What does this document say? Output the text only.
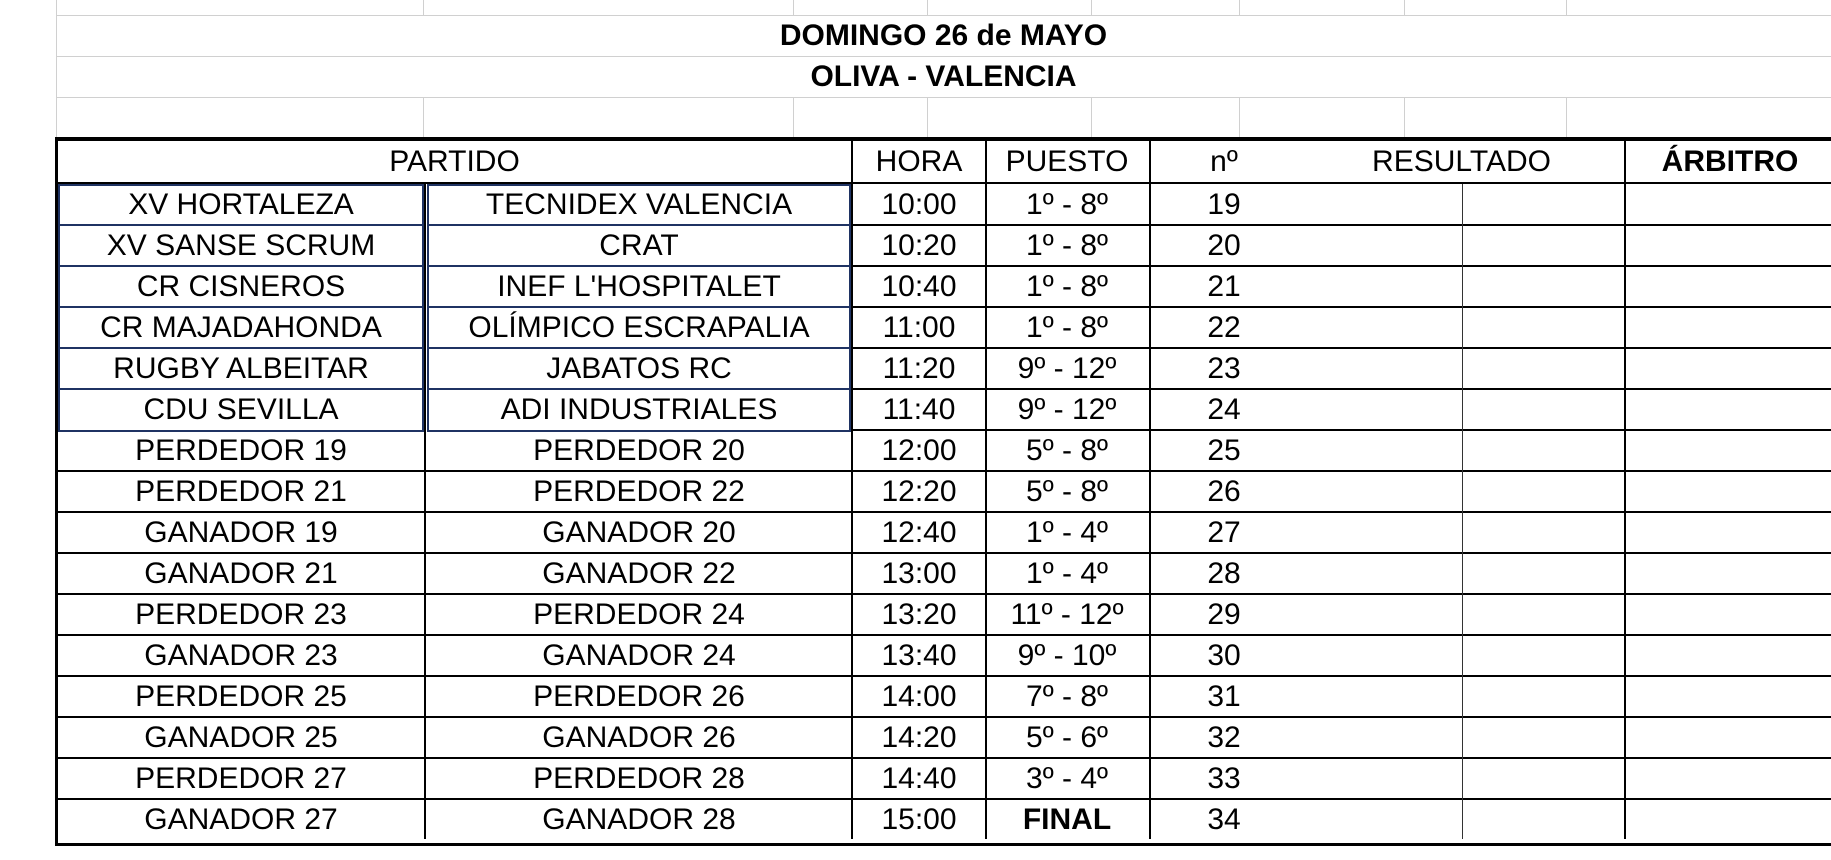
DOMINGO 26 de MAYO
OLIVA - VALENCIA
PARTIDO	HORA	PUESTO	nº	RESULTADO	ÁRBITRO
XV HORTALEZA	TECNIDEX VALENCIA	10:00	1º - 8º	19
XV SANSE SCRUM	CRAT	10:20	1º - 8º	20
CR CISNEROS	INEF L'HOSPITALET	10:40	1º - 8º	21
CR MAJADAHONDA	OLÍMPICO ESCRAPALIA	11:00	1º - 8º	22
RUGBY ALBEITAR	JABATOS RC	11:20	9º - 12º	23
CDU SEVILLA	ADI INDUSTRIALES	11:40	9º - 12º	24
PERDEDOR 19	PERDEDOR 20	12:00	5º - 8º	25
PERDEDOR 21	PERDEDOR 22	12:20	5º - 8º	26
GANADOR 19	GANADOR 20	12:40	1º - 4º	27
GANADOR 21	GANADOR 22	13:00	1º - 4º	28
PERDEDOR 23	PERDEDOR 24	13:20	11º - 12º	29
GANADOR 23	GANADOR 24	13:40	9º - 10º	30
PERDEDOR 25	PERDEDOR 26	14:00	7º - 8º	31
GANADOR 25	GANADOR 26	14:20	5º - 6º	32
PERDEDOR 27	PERDEDOR 28	14:40	3º - 4º	33
GANADOR 27	GANADOR 28	15:00	FINAL	34
